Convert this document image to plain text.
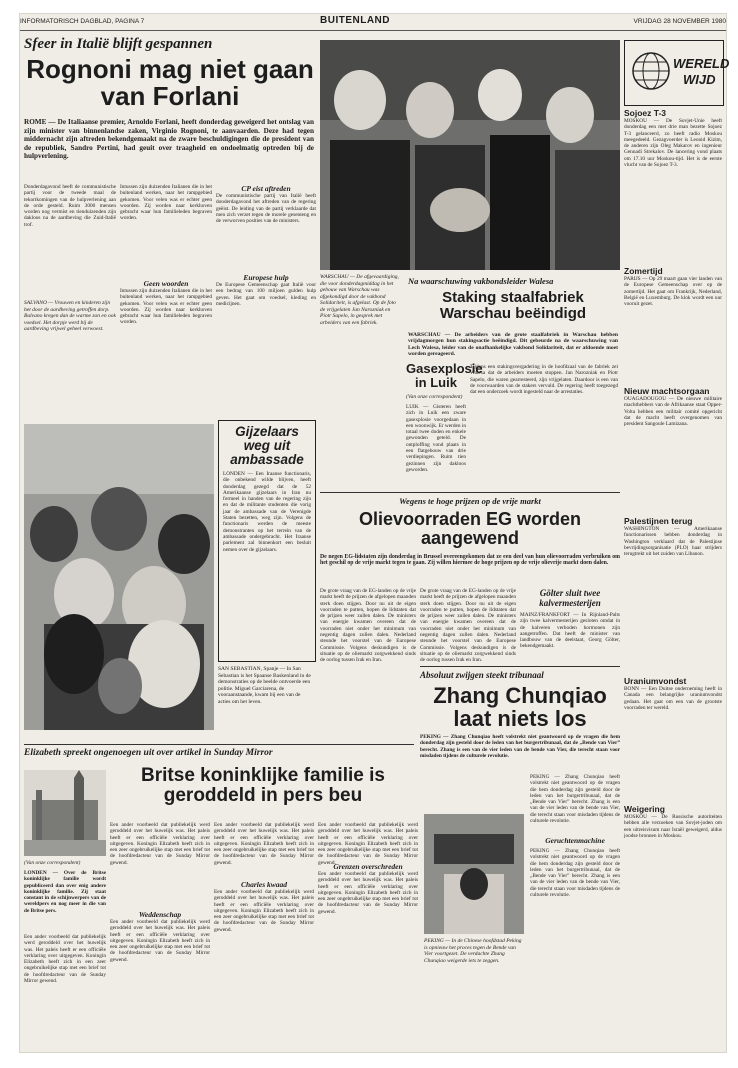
INFORMATORISCH DAGBLAD, PAGINA 7	BUITENLAND	VRIJDAG 28 NOVEMBER 1980
Sfeer in Italië blijft gespannen
Rognoni mag niet gaan van Forlani
ROME — De Italiaanse premier, Arnoldo Forlani, heeft donderdag geweigerd het ontslag van zijn minister van binnenlandse zaken, Virginio Rognoni, te aanvaarden. Deze had tegen middernacht zijn aftreden bekendgemaakt na de zware beschuldigingen die de president van de republiek, Sandro Pertini, had geuit over traagheid en ondoelmatig optreden bij de hulpverlening.
Donderdagavond heeft de communistische partij voor de tweede maal de tekortkomingen van de hulpverlening aan de orde gesteld. Ruim 3000 mensen worden nog vermist en tienduizenden zijn dakloos na de aardbeving die Zuid-Italië trof.
Intussen zijn duizenden Italianen die in het buitenland werken, naar het rampgebied gekomen. Voor velen was er echter geen woorden. Zij worden naar kerkhoven gebracht waar hun familieleden begraven worden.
Geen woorden
Intussen zijn duizenden Italianen die in het buitenland werken, naar het rampgebied gekomen. Voor velen was er echter geen woorden. Zij worden naar kerkhoven gebracht waar hun familieleden begraven worden.
CP eist aftreden
De communistische partij van Italië heeft donderdagavond het aftreden van de regering geëist. De leiding van de partij verklaarde dat men zich verzet tegen de morele gesenteng en de verworven posities van de ministers.
Europese hulp
De Europese Gemeenschap gaat Italië voor een bedrag van 100 miljoen gulden hulp geven. Het gaat om voedsel, kleding en medicijnen.
SALVANO — Vrouwen en kinderen zijn het door de aardbeving getroffen dorp. Balvano kregen dan de warme zon en ook voedsel. Het dorpje werd bij de aardbeving vrijwel geheel verwoest.
Gijzelaars weg uit ambassade
LONDEN — Een Iraanse functionaris, die onbekend wilde blijven, heeft donderdag gezegd dat de 52 Amerikaanse gijzelaars in Iran nu formeel in handen van de regering zijn en dat de militante studenten die vorig jaar de ambassade van de Verenigde Staten bezetten, weg zijn. Volgens de functionaris werden de meeste demonstranten op het terrein van de ambassade ondergebracht. Het Iraanse parlement zal binnenkort een besluit nemen over de gijzelaars.
SAN SEBASTIAN, Spanje — In San Sebastian is het Spaanse Baskenland in de demonstraties op de beelde ontvoerde een politie. Miguel Garciarena, de vooraanstaande, kwam bij een van de acties om het leven.
WARSCHAU — De afgevaardiging, die voor donderdagmiddag in het gebouw van Warschau was afgekondigd door de vakbond Solidariteit, is afgelast. Op de foto de vrijgelaten Jan Narozniak en Piotr Sapelo, in gesprek met arbeiders van een fabriek.
Na waarschuwing vakbondsleider Walesa
Staking staalfabriek Warschau beëindigd
WARSCHAU — De arbeiders van de grote staalfabriek in Warschau hebben vrijdagmorgen hun stakingsactie beëindigd. Dit gebeurde na de waarschuwing van Lech Walesa, leider van de onafhankelijke vakbond Solidariteit, dat er afdoende moet worden gereageerd.
Tijdens een stakingsvergadering in de hoofdzaal van de fabriek zei Walesa dat de arbeiders moeten stoppen. Jan Narozniak en Piotr Sapelo, die waren gearresteerd, zijn vrijgelaten. Daardoor is een van de voorwaarden van de stakers vervuld. De regering heeft toegezegd dat een onderzoek wordt ingesteld naar de arrestaties.
Gasexplosie in Luik
(Van onze correspondent)
LUIK — Gisteren heeft zich in Luik een zware gasexplosie voorgedaan in een woonwijk. Er werden in totaal twee doden en enkele gewonden geteld. De ontploffing vond plaats in een flatgebouw van drie verdiepingen. Ruim tien gezinnen zijn dakloos geworden.
WERELD
WIJD
Sojoez T-3
MOSKOU — De Sovjet-Unie heeft donderdag een met drie man bezette Sojoez T-3 gelanceerd, zo heeft radio Moskou meegedeeld. Gezagvoerder is Leonid Kizim, de anderen zijn Oleg Makarov en ingenieur Gennadi Strekalov. De lancering vond plaats om 17.10 uur Moskou-tijd. Het is de eerste vlucht van de Sojoez T-3.
Zomertijd
PARIJS — Op 29 maart gaan vier landen van de Europese Gemeenschap over op de zomertijd. Het gaat om Frankrijk, Nederland, België en Luxemburg. De klok wordt een uur vooruit gezet.
Nieuw machtsorgaan
OUAGADOUGOU — De nieuwe militaire machthebbers van de Afrikaanse staat Opper-Volta hebben een militair comité opgericht dat de macht heeft overgenomen van president Sangoule Lamizana.
Palestijnen terug
WASHINGTON — Amerikaanse functionarissen hebben donderdag in Washington verklaard dat de Palestijnse bevrijdingsorganisatie (PLO) haar strijders terugtrekt uit het zuiden van Libanon.
Uraniumvondst
BONN — Een Duitse onderneming heeft in Canada een belangrijke uraniumvondst gedaan. Het gaat om een van de grootste voorraden ter wereld.
Weigering
MOSKOU — De Russische autoriteiten hebben alle verzoeken van Sovjet-joden om een uitreisvisum naar Israël geweigerd, aldus joodse bronnen in Moskou.
Wegens te hoge prijzen op de vrije markt
Olievoorraden EG worden aangewend
De negen EG-lidstaten zijn donderdag in Brussel overeengekomen dat ze een deel van hun olievoorraden verbruiken om het geschil op de vrije markt tegen te gaan. Zij willen hiermee de hoge prijzen op de vrije olievrije markt doen dalen.
De grote vraag van de EG-landen op de vrije markt heeft de prijzen de afgelopen maanden sterk doen stijgen. Door nu uit de eigen voorraden te putten, hopen de lidstaten dat de prijzen weer zullen dalen. De ministers van energie kwamen overeen dat de voorraden niet onder het minimum van negentig dagen zullen dalen. Nederland steunde het voorstel van de Europese Commissie. Volgens deskundigen is de situatie op de oliemarkt zorgwekkend sinds de oorlog tussen Irak en Iran.
De grote vraag van de EG-landen op de vrije markt heeft de prijzen de afgelopen maanden sterk doen stijgen. Door nu uit de eigen voorraden te putten, hopen de lidstaten dat de prijzen weer zullen dalen. De ministers van energie kwamen overeen dat de voorraden niet onder het minimum van negentig dagen zullen dalen. Nederland steunde het voorstel van de Europese Commissie. Volgens deskundigen is de situatie op de oliemarkt zorgwekkend sinds de oorlog tussen Irak en Iran.
Gölter sluit twee kalvermesterijen
MAINZ/FRANKFORT — In Rijnland-Palts zijn twee kalvermesterijen gesloten omdat in de kalveren verboden hormonen zijn aangetroffen. Dat heeft de minister van landbouw van de deelstaat, Georg Gölter, bekendgemaakt.
Absoluut zwijgen steekt tribunaal
Zhang Chunqiao laat niets los
PEKING — Zhang Chunqiao heeft volstrekt niet geantwoord op de vragen die hem donderdag zijn gesteld door de leden van het burgertribunaal, dat de „Bende van Vier” berecht. Zhang is een van de vier leden van de bende van Vier, die terecht staan voor misdaden tijdens de culturele revolutie.
PEKING — Zhang Chunqiao heeft volstrekt niet geantwoord op de vragen die hem donderdag zijn gesteld door de leden van het burgertribunaal, dat de „Bende van Vier” berecht. Zhang is een van de vier leden van de bende van Vier, die terecht staan voor misdaden tijdens de culturele revolutie.
Geruchtenmachine
PEKING — Zhang Chunqiao heeft volstrekt niet geantwoord op de vragen die hem donderdag zijn gesteld door de leden van het burgertribunaal, dat de „Bende van Vier” berecht. Zhang is een van de vier leden van de bende van Vier, die terecht staan voor misdaden tijdens de culturele revolutie.
PEKING — In de Chinese hoofdstad Peking is opnieuw het proces tegen de Bende van Vier voortgezet. De verdachte Zhang Chunqiao weigerde iets te zeggen.
Elizabeth spreekt ongenoegen uit over artikel in Sunday Mirror
Britse koninklijke familie is geroddeld in pers beu
(Van onze correspondent)
LONDEN — Over de Britse koninklijke familie wordt gepubliceerd dan over enig andere koninklijke familie. Zij staat constant in de schijnwerpers van de wereldpers en nog meer in die van de Britse pers.
Een ander voorbeeld dat publiekelijk werd geroddeld over het huwelijk was. Het paleis heeft er een officiële verklaring over uitgegeven. Koningin Elizabeth heeft zich in een zeer ongebruikelijke stap met een brief tot de hoofdredacteur van de Sunday Mirror gewend.
Een ander voorbeeld dat publiekelijk werd geroddeld over het huwelijk was. Het paleis heeft er een officiële verklaring over uitgegeven. Koningin Elizabeth heeft zich in een zeer ongebruikelijke stap met een brief tot de hoofdredacteur van de Sunday Mirror gewend.
Weddenschap
Een ander voorbeeld dat publiekelijk werd geroddeld over het huwelijk was. Het paleis heeft er een officiële verklaring over uitgegeven. Koningin Elizabeth heeft zich in een zeer ongebruikelijke stap met een brief tot de hoofdredacteur van de Sunday Mirror gewend.
Een ander voorbeeld dat publiekelijk werd geroddeld over het huwelijk was. Het paleis heeft er een officiële verklaring over uitgegeven. Koningin Elizabeth heeft zich in een zeer ongebruikelijke stap met een brief tot de hoofdredacteur van de Sunday Mirror gewend.
Charles kwaad
Een ander voorbeeld dat publiekelijk werd geroddeld over het huwelijk was. Het paleis heeft er een officiële verklaring over uitgegeven. Koningin Elizabeth heeft zich in een zeer ongebruikelijke stap met een brief tot de hoofdredacteur van de Sunday Mirror gewend.
Een ander voorbeeld dat publiekelijk werd geroddeld over het huwelijk was. Het paleis heeft er een officiële verklaring over uitgegeven. Koningin Elizabeth heeft zich in een zeer ongebruikelijke stap met een brief tot de hoofdredacteur van de Sunday Mirror gewend.
Grenzen overschreden
Een ander voorbeeld dat publiekelijk werd geroddeld over het huwelijk was. Het paleis heeft er een officiële verklaring over uitgegeven. Koningin Elizabeth heeft zich in een zeer ongebruikelijke stap met een brief tot de hoofdredacteur van de Sunday Mirror gewend.
